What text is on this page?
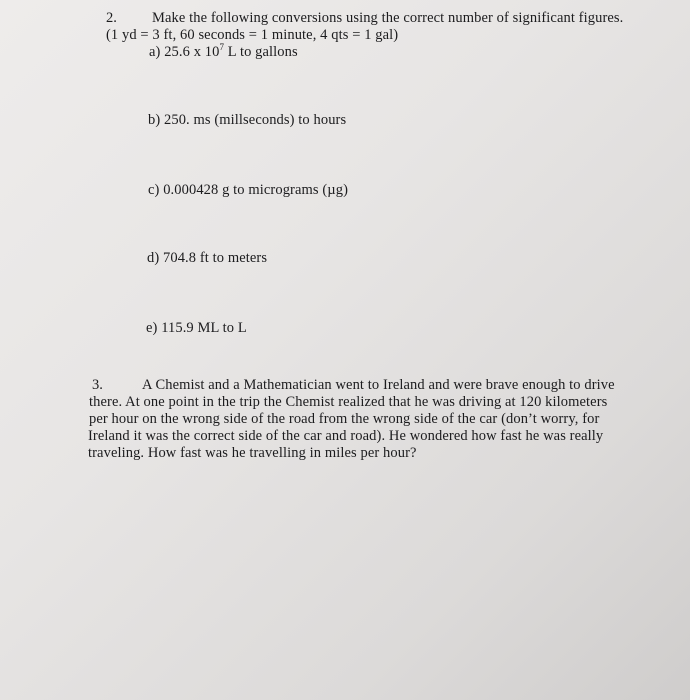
2. Make the following conversions using the correct number of significant figures.
(1 yd = 3 ft, 60 seconds = 1 minute, 4 qts = 1 gal)
a) 25.6 x $10^7$ L to gallons
b) 250. ms (millseconds) to hours
c) 0.000428 g to micrograms (µg)
d) 704.8 ft to meters
e) 115.9 ML to L
3.	A Chemist and a Mathematician went to Ireland and were brave enough to drive
there. At one point in the trip the Chemist realized that he was driving at 120 kilometers
per hour on the wrong side of the road from the wrong side of the car (don’t worry, for
Ireland it was the correct side of the car and road). He wondered how fast he was really
traveling. How fast was he travelling in miles per hour?
